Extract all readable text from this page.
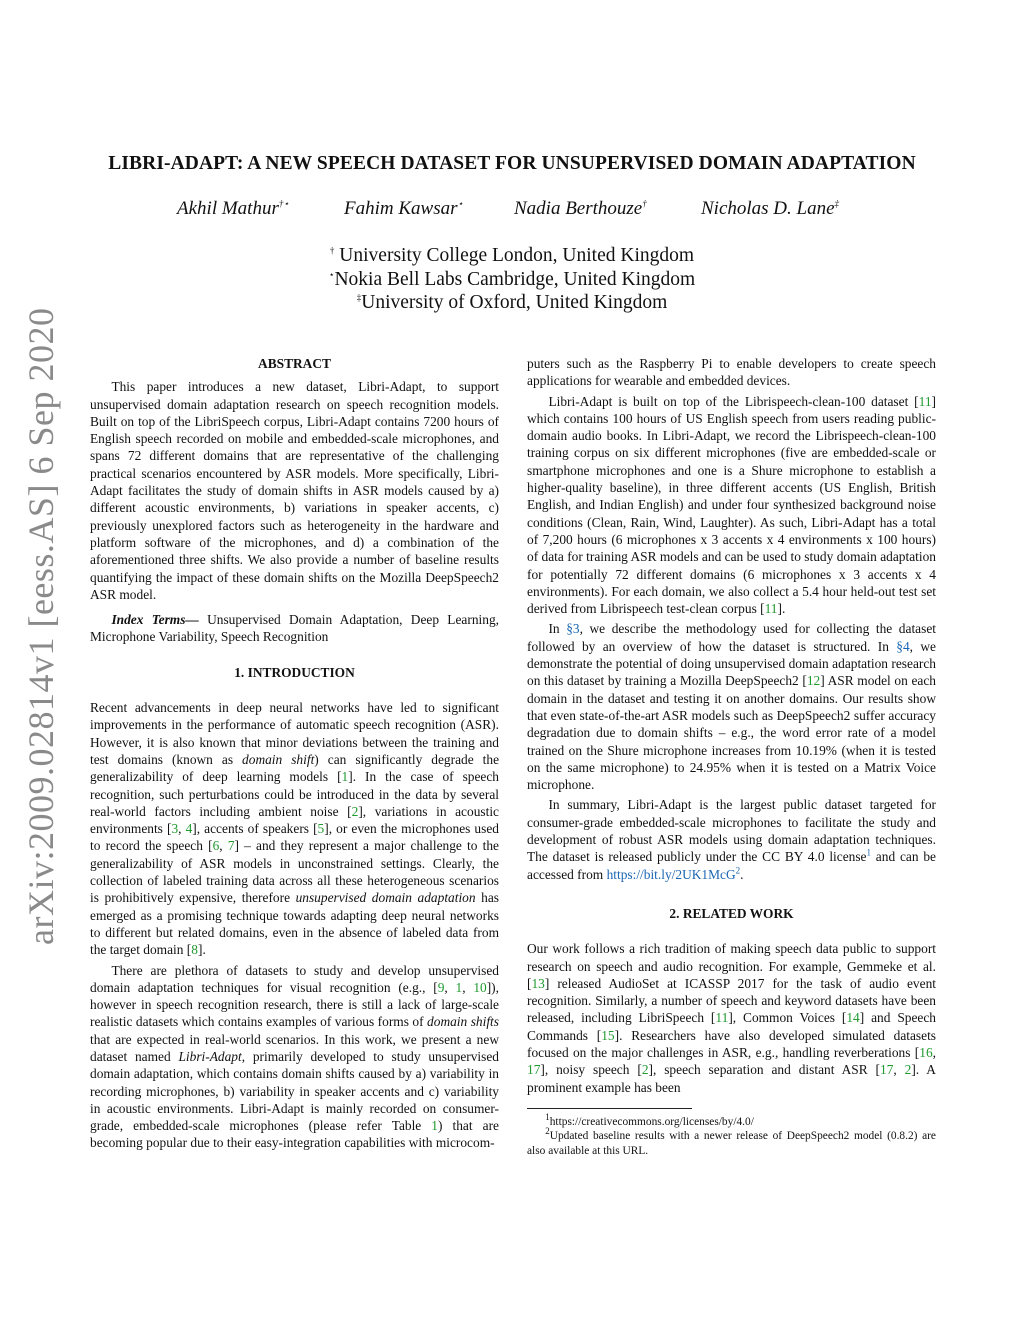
arXiv:2009.02814v1 [eess.AS] 6 Sep 2020
LIBRI-ADAPT: A NEW SPEECH DATASET FOR UNSUPERVISED DOMAIN ADAPTATION
Akhil Mathur†⋆	Fahim Kawsar⋆	Nadia Berthouze†	Nicholas D. Lane‡
† University College London, United Kingdom
⋆Nokia Bell Labs Cambridge, United Kingdom
‡University of Oxford, United Kingdom
ABSTRACT

This paper introduces a new dataset, Libri-Adapt, to support unsupervised domain adaptation research on speech recognition models. Built on top of the LibriSpeech corpus, Libri-Adapt contains 7200 hours of English speech recorded on mobile and embedded-scale microphones, and spans 72 different domains that are representative of the challenging practical scenarios encountered by ASR models. More specifically, Libri-Adapt facilitates the study of domain shifts in ASR models caused by a) different acoustic environments, b) variations in speaker accents, c) previously unexplored factors such as heterogeneity in the hardware and platform software of the microphones, and d) a combination of the aforementioned three shifts. We also provide a number of baseline results quantifying the impact of these domain shifts on the Mozilla DeepSpeech2 ASR model.

Index Terms— Unsupervised Domain Adaptation, Deep Learning, Microphone Variability, Speech Recognition

1. INTRODUCTION

Recent advancements in deep neural networks have led to significant improvements in the performance of automatic speech recognition (ASR). However, it is also known that minor deviations between the training and test domains (known as domain shift) can significantly degrade the generalizability of deep learning models [1]. In the case of speech recognition, such perturbations could be introduced in the data by several real-world factors including ambient noise [2], variations in acoustic environments [3, 4], accents of speakers [5], or even the microphones used to record the speech [6, 7] – and they represent a major challenge to the generalizability of ASR models in unconstrained settings. Clearly, the collection of labeled training data across all these heterogeneous scenarios is prohibitively expensive, therefore unsupervised domain adaptation has emerged as a promising technique towards adapting deep neural networks to different but related domains, even in the absence of labeled data from the target domain [8].

There are plethora of datasets to study and develop unsupervised domain adaptation techniques for visual recognition (e.g., [9, 1, 10]), however in speech recognition research, there is still a lack of large-scale realistic datasets which contains examples of various forms of domain shifts that are expected in real-world scenarios. In this work, we present a new dataset named Libri-Adapt, primarily developed to study unsupervised domain adaptation, which contains domain shifts caused by a) variability in recording microphones, b) variability in speaker accents and c) variability in acoustic environments. Libri-Adapt is mainly recorded on consumer-grade, embedded-scale microphones (please refer Table 1) that are becoming popular due to their easy-integration capabilities with microcom-

puters such as the Raspberry Pi to enable developers to create speech applications for wearable and embedded devices.

Libri-Adapt is built on top of the Librispeech-clean-100 dataset [11] which contains 100 hours of US English speech from users reading public-domain audio books. In Libri-Adapt, we record the Librispeech-clean-100 training corpus on six different microphones (five are embedded-scale or smartphone microphones and one is a Shure microphone to establish a higher-quality baseline), in three different accents (US English, British English, and Indian English) and under four synthesized background noise conditions (Clean, Rain, Wind, Laughter). As such, Libri-Adapt has a total of 7,200 hours (6 microphones x 3 accents x 4 environments x 100 hours) of data for training ASR models and can be used to study domain adaptation for potentially 72 different domains (6 microphones x 3 accents x 4 environments). For each domain, we also collect a 5.4 hour held-out test set derived from Librispeech test-clean corpus [11].

In §3, we describe the methodology used for collecting the dataset followed by an overview of how the dataset is structured. In §4, we demonstrate the potential of doing unsupervised domain adaptation research on this dataset by training a Mozilla DeepSpeech2 [12] ASR model on each domain in the dataset and testing it on another domains. Our results show that even state-of-the-art ASR models such as DeepSpeech2 suffer accuracy degradation due to domain shifts – e.g., the word error rate of a model trained on the Shure microphone increases from 10.19% (when it is tested on the same microphone) to 24.95% when it is tested on a Matrix Voice microphone.

In summary, Libri-Adapt is the largest public dataset targeted for consumer-grade embedded-scale microphones to facilitate the study and development of robust ASR models using domain adaptation techniques. The dataset is released publicly under the CC BY 4.0 license$^1$ and can be accessed from https://bit.ly/2UK1McG$^2$.

2. RELATED WORK

Our work follows a rich tradition of making speech data public to support research on speech and audio recognition. For example, Gemmeke et al. [13] released AudioSet at ICASSP 2017 for the task of audio event recognition. Similarly, a number of speech and keyword datasets have been released, including LibriSpeech [11], Common Voices [14] and Speech Commands [15]. Researchers have also developed simulated datasets focused on the major challenges in ASR, e.g., handling reverberations [16, 17], noisy speech [2], speech separation and distant ASR [17, 2]. A prominent example has been

$^1$https://creativecommons.org/licenses/by/4.0/

$^2$Updated baseline results with a newer release of DeepSpeech2 model (0.8.2) are also available at this URL.
